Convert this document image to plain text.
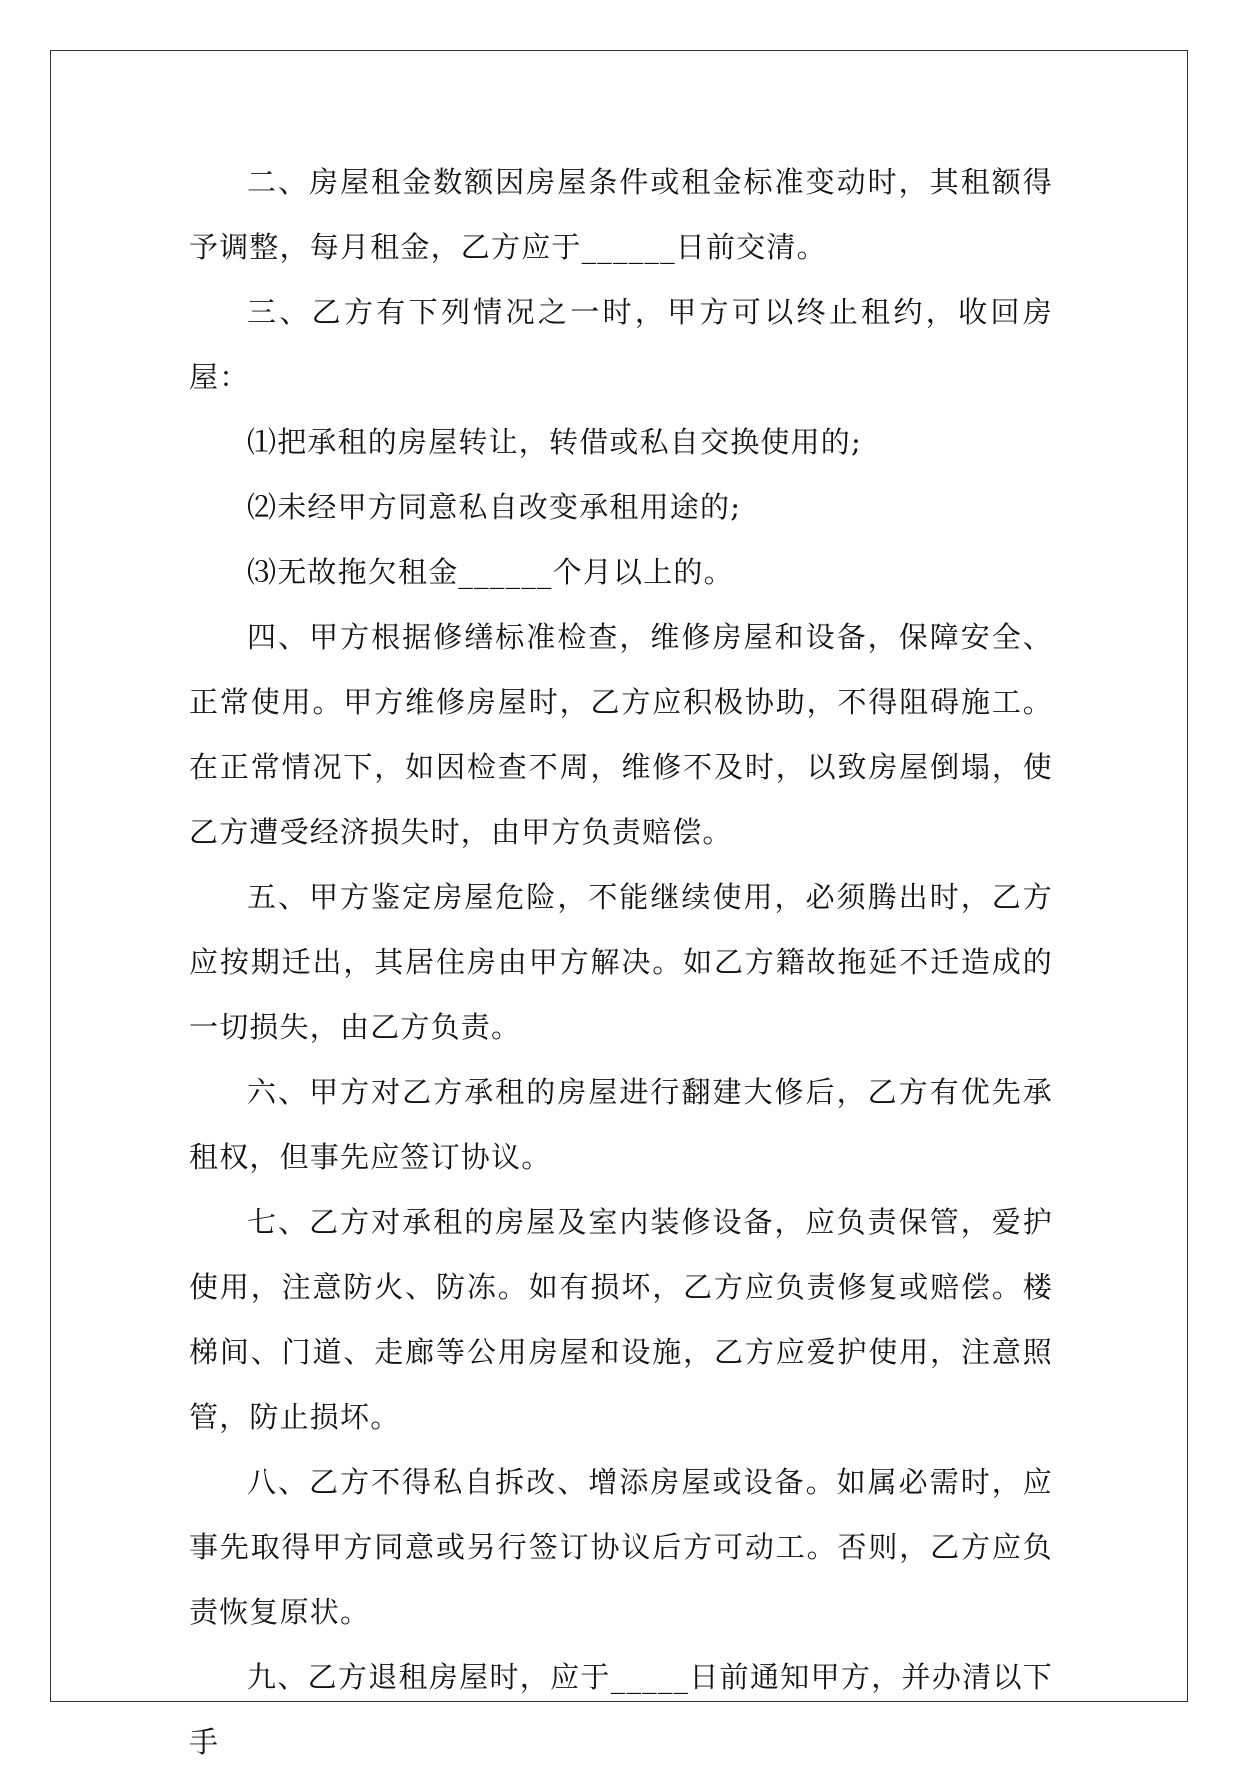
二、房屋租金数额因房屋条件或租金标准变动时，其租额得予调整，每月租金，乙方应于______日前交清。

三、乙方有下列情况之一时，甲方可以终止租约，收回房屋：

⑴把承租的房屋转让，转借或私自交换使用的;

⑵未经甲方同意私自改变承租用途的;

⑶无故拖欠租金______个月以上的。

四、甲方根据修缮标准检查，维修房屋和设备，保障安全、正常使用。甲方维修房屋时，乙方应积极协助，不得阻碍施工。在正常情况下，如因检查不周，维修不及时，以致房屋倒塌，使乙方遭受经济损失时，由甲方负责赔偿。

五、甲方鉴定房屋危险，不能继续使用，必须腾出时，乙方应按期迁出，其居住房由甲方解决。如乙方籍故拖延不迁造成的一切损失，由乙方负责。

六、甲方对乙方承租的房屋进行翻建大修后，乙方有优先承租权，但事先应签订协议。

七、乙方对承租的房屋及室内装修设备，应负责保管，爱护使用，注意防火、防冻。如有损坏，乙方应负责修复或赔偿。楼梯间、门道、走廊等公用房屋和设施，乙方应爱护使用，注意照管，防止损坏。

八、乙方不得私自拆改、增添房屋或设备。如属必需时，应事先取得甲方同意或另行签订协议后方可动工。否则，乙方应负责恢复原状。

九、乙方退租房屋时，应于_____日前通知甲方，并办清以下手
